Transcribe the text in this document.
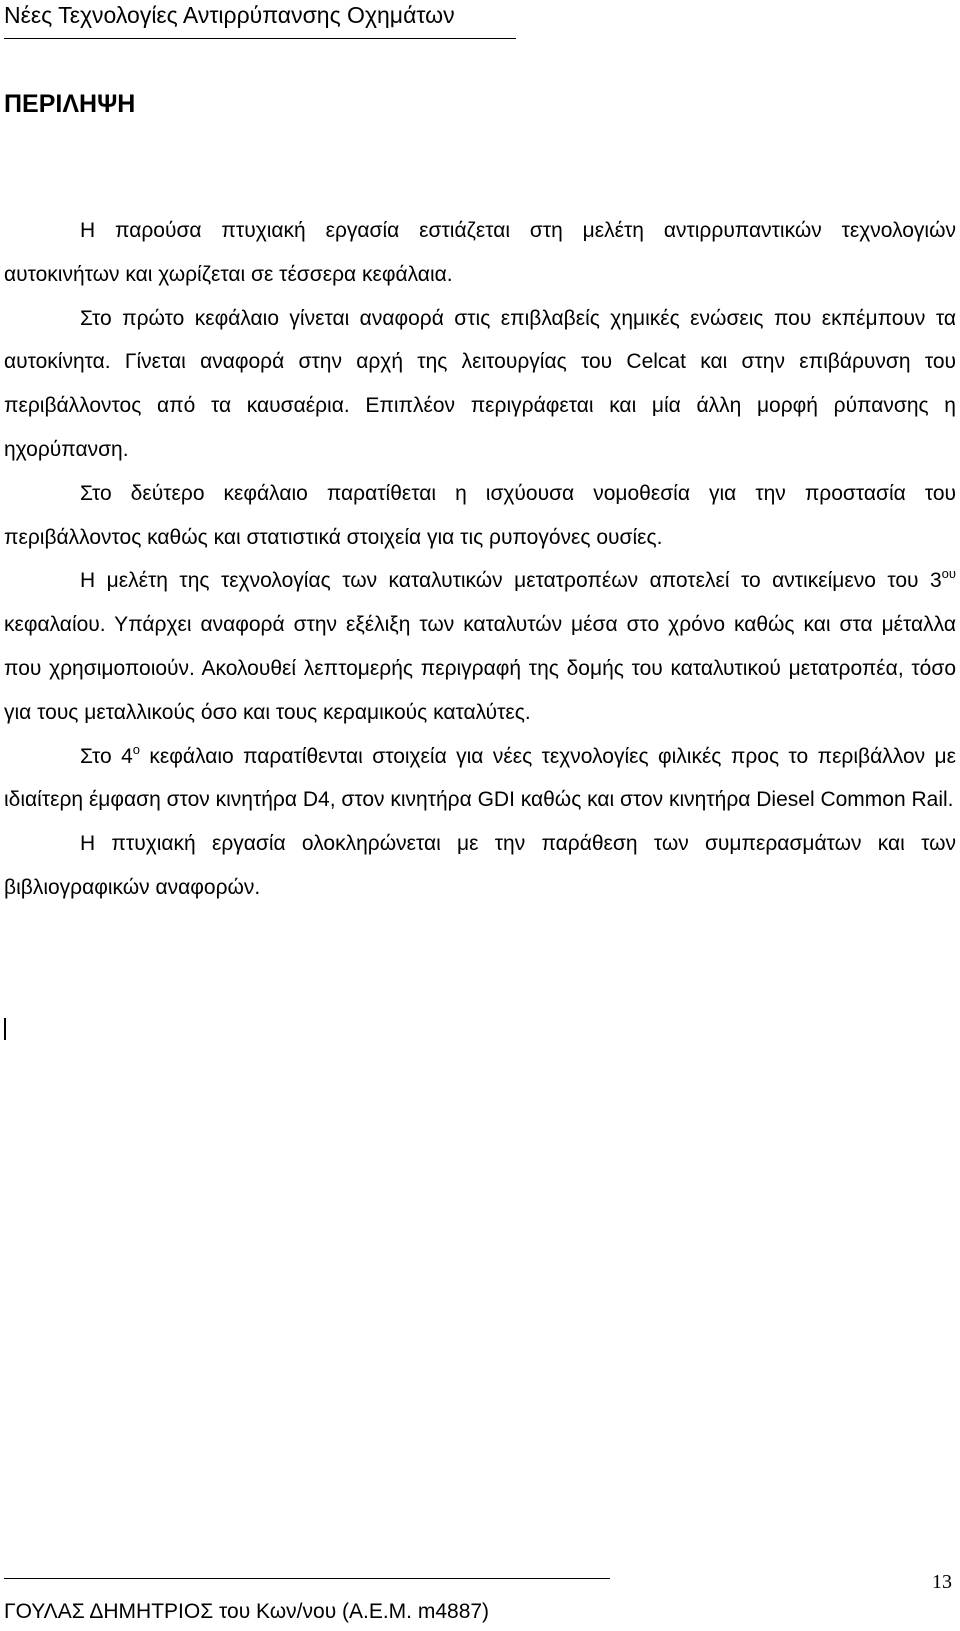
Νέες Τεχνολογίες Αντιρρύπανσης Οχημάτων
ΠΕΡΙΛΗΨΗ

Η παρούσα πτυχιακή εργασία εστιάζεται στη μελέτη αντιρρυπαντικών τεχνολογιών αυτοκινήτων και χωρίζεται σε τέσσερα κεφάλαια.

Στο πρώτο κεφάλαιο γίνεται αναφορά στις επιβλαβείς χημικές ενώσεις που εκπέμπουν τα αυτοκίνητα. Γίνεται αναφορά στην αρχή της λειτουργίας του Celcat και στην επιβάρυνση του περιβάλλοντος από τα καυσαέρια. Επιπλέον περιγράφεται και μία άλλη μορφή ρύπανσης η ηχορύπανση.

Στο δεύτερο κεφάλαιο παρατίθεται η ισχύουσα νομοθεσία για την προστασία του περιβάλλοντος καθώς και στατιστικά στοιχεία για τις ρυπογόνες ουσίες.

Η μελέτη της τεχνολογίας των καταλυτικών μετατροπέων αποτελεί το αντικείμενο του $3^{o\upsilon}$ κεφαλαίου. Υπάρχει αναφορά στην εξέλιξη των καταλυτών μέσα στο χρόνο καθώς και στα μέταλλα που χρησιμοποιούν. Ακολουθεί λεπτομερής περιγραφή της δομής του καταλυτικού μετατροπέα, τόσο για τους μεταλλικούς όσο και τους κεραμικούς καταλύτες.

Στο $4^o$ κεφάλαιο παρατίθενται στοιχεία για νέες τεχνολογίες φιλικές προς το περιβάλλον με ιδιαίτερη έμφαση στον κινητήρα D4, στον κινητήρα GDI καθώς και στον κινητήρα Diesel Common Rail.

Η πτυχιακή εργασία ολοκληρώνεται με την παράθεση των συμπερασμάτων και των βιβλιογραφικών αναφορών.

13
ΓΟΥΛΑΣ ΔΗΜΗΤΡΙΟΣ του Κων/νου (Α.Ε.Μ. m4887)
